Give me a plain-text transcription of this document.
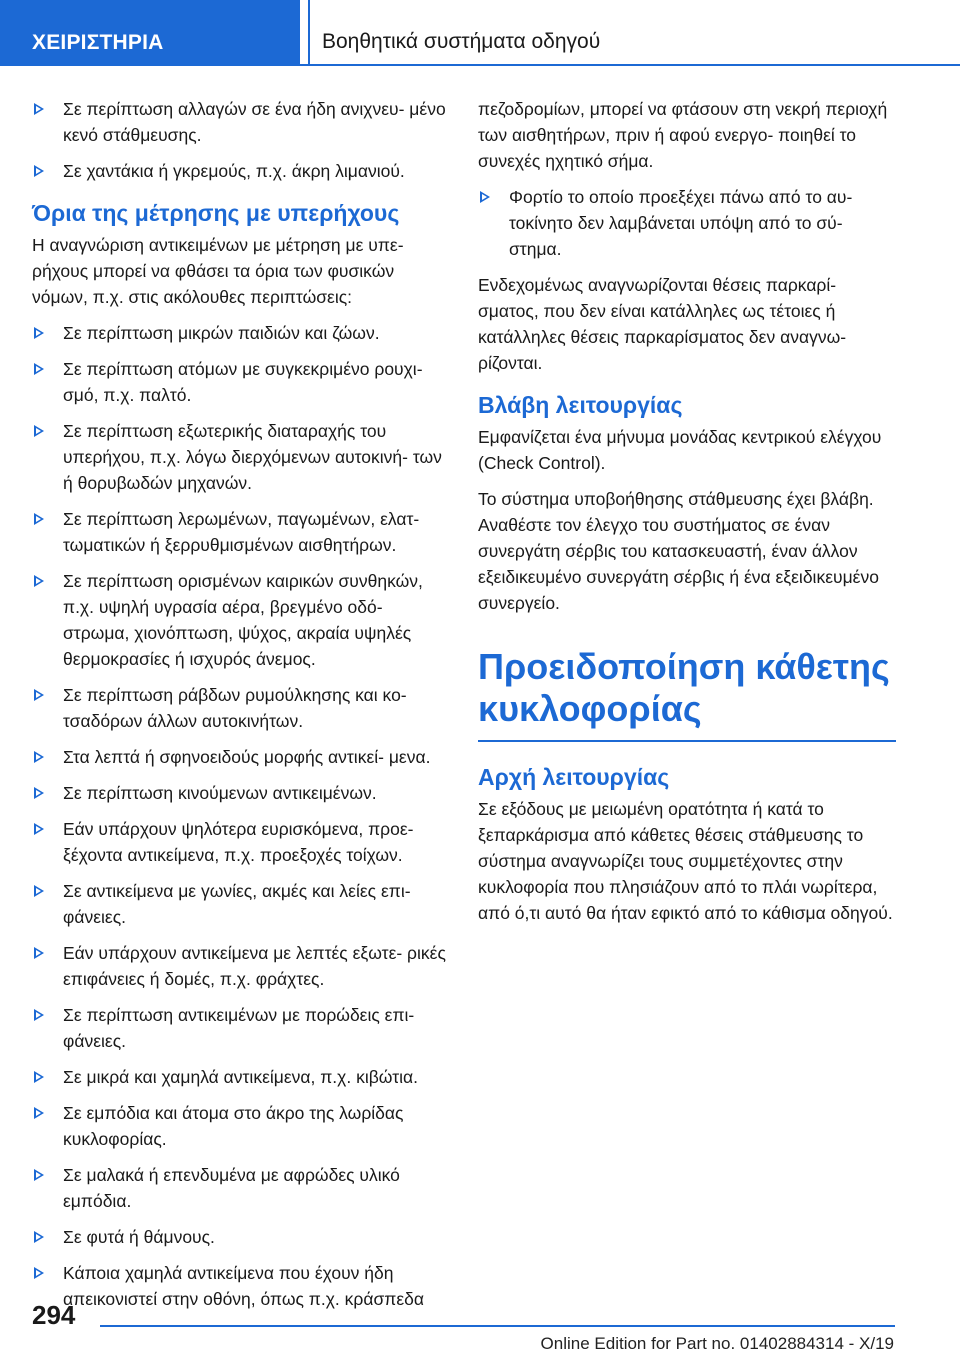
ΧΕΙΡΙΣΤΗΡΙΑ	Βοηθητικά συστήματα οδηγού
Σε περίπτωση αλλαγών σε ένα ήδη ανιχνευ‐ μένο κενό στάθμευσης.
Σε χαντάκια ή γκρεμούς, π.χ. άκρη λιμανιού.
Όρια της μέτρησης με υπερήχους

Η αναγνώριση αντικειμένων με μέτρηση με υπε‐ ρήχους μπορεί να φθάσει τα όρια των φυσικών νόμων, π.χ. στις ακόλουθες περιπτώσεις:

Σε περίπτωση μικρών παιδιών και ζώων.
Σε περίπτωση ατόμων με συγκεκριμένο ρουχι‐ σμό, π.χ. παλτό.
Σε περίπτωση εξωτερικής διαταραχής του υπερήχου, π.χ. λόγω διερχόμενων αυτοκινή‐ των ή θορυβωδών μηχανών.
Σε περίπτωση λερωμένων, παγωμένων, ελατ‐ τωματικών ή ξερρυθμισμένων αισθητήρων.
Σε περίπτωση ορισμένων καιρικών συνθηκών, π.χ. υψηλή υγρασία αέρα, βρεγμένο οδό‐ στρωμα, χιονόπτωση, ψύχος, ακραία υψηλές θερμοκρασίες ή ισχυρός άνεμος.
Σε περίπτωση ράβδων ρυμούλκησης και κο‐ τσαδόρων άλλων αυτοκινήτων.
Στα λεπτά ή σφηνοειδούς μορφής αντικεί‐ μενα.
Σε περίπτωση κινούμενων αντικειμένων.
Εάν υπάρχουν ψηλότερα ευρισκόμενα, προε‐ ξέχοντα αντικείμενα, π.χ. προεξοχές τοίχων.
Σε αντικείμενα με γωνίες, ακμές και λείες επι‐ φάνειες.
Εάν υπάρχουν αντικείμενα με λεπτές εξωτε‐ ρικές επιφάνειες ή δομές, π.χ. φράχτες.
Σε περίπτωση αντικειμένων με πορώδεις επι‐ φάνειες.
Σε μικρά και χαμηλά αντικείμενα, π.χ. κιβώτια.
Σε εμπόδια και άτομα στο άκρο της λωρίδας κυκλοφορίας.
Σε μαλακά ή επενδυμένα με αφρώδες υλικό εμπόδια.
Σε φυτά ή θάμνους.
Κάποια χαμηλά αντικείμενα που έχουν ήδη απεικονιστεί στην οθόνη, όπως π.χ. κράσπεδα

πεζοδρομίων, μπορεί να φτάσουν στη νεκρή περιοχή των αισθητήρων, πριν ή αφού ενεργο‐ ποιηθεί το συνεχές ηχητικό σήμα.

Φορτίο το οποίο προεξέχει πάνω από το αυ‐ τοκίνητο δεν λαμβάνεται υπόψη από το σύ‐ στημα.

Ενδεχομένως αναγνωρίζονται θέσεις παρκαρί‐ σματος, που δεν είναι κατάλληλες ως τέτοιες ή κατάλληλες θέσεις παρκαρίσματος δεν αναγνω‐ ρίζονται.

Βλάβη λειτουργίας

Εμφανίζεται ένα μήνυμα μονάδας κεντρικού ελέγχου (Check Control).

Το σύστημα υποβοήθησης στάθμευσης έχει βλάβη. Αναθέστε τον έλεγχο του συστήματος σε έναν συνεργάτη σέρβις του κατασκευαστή, έναν άλλον εξειδικευμένο συνεργάτη σέρβις ή ένα εξειδικευμένο συνεργείο.

Προειδοποίηση κάθετης κυκλοφορίας
Αρχή λειτουργίας

Σε εξόδους με μειωμένη ορατότητα ή κατά το ξεπαρκάρισμα από κάθετες θέσεις στάθμευσης το σύστημα αναγνωρίζει τους συμμετέχοντες στην κυκλοφορία που πλησιάζουν από το πλάι νωρίτερα, από ό,τι αυτό θα ήταν εφικτό από το κάθισμα οδηγού.

294
Online Edition for Part no. 01402884314 - X/19
